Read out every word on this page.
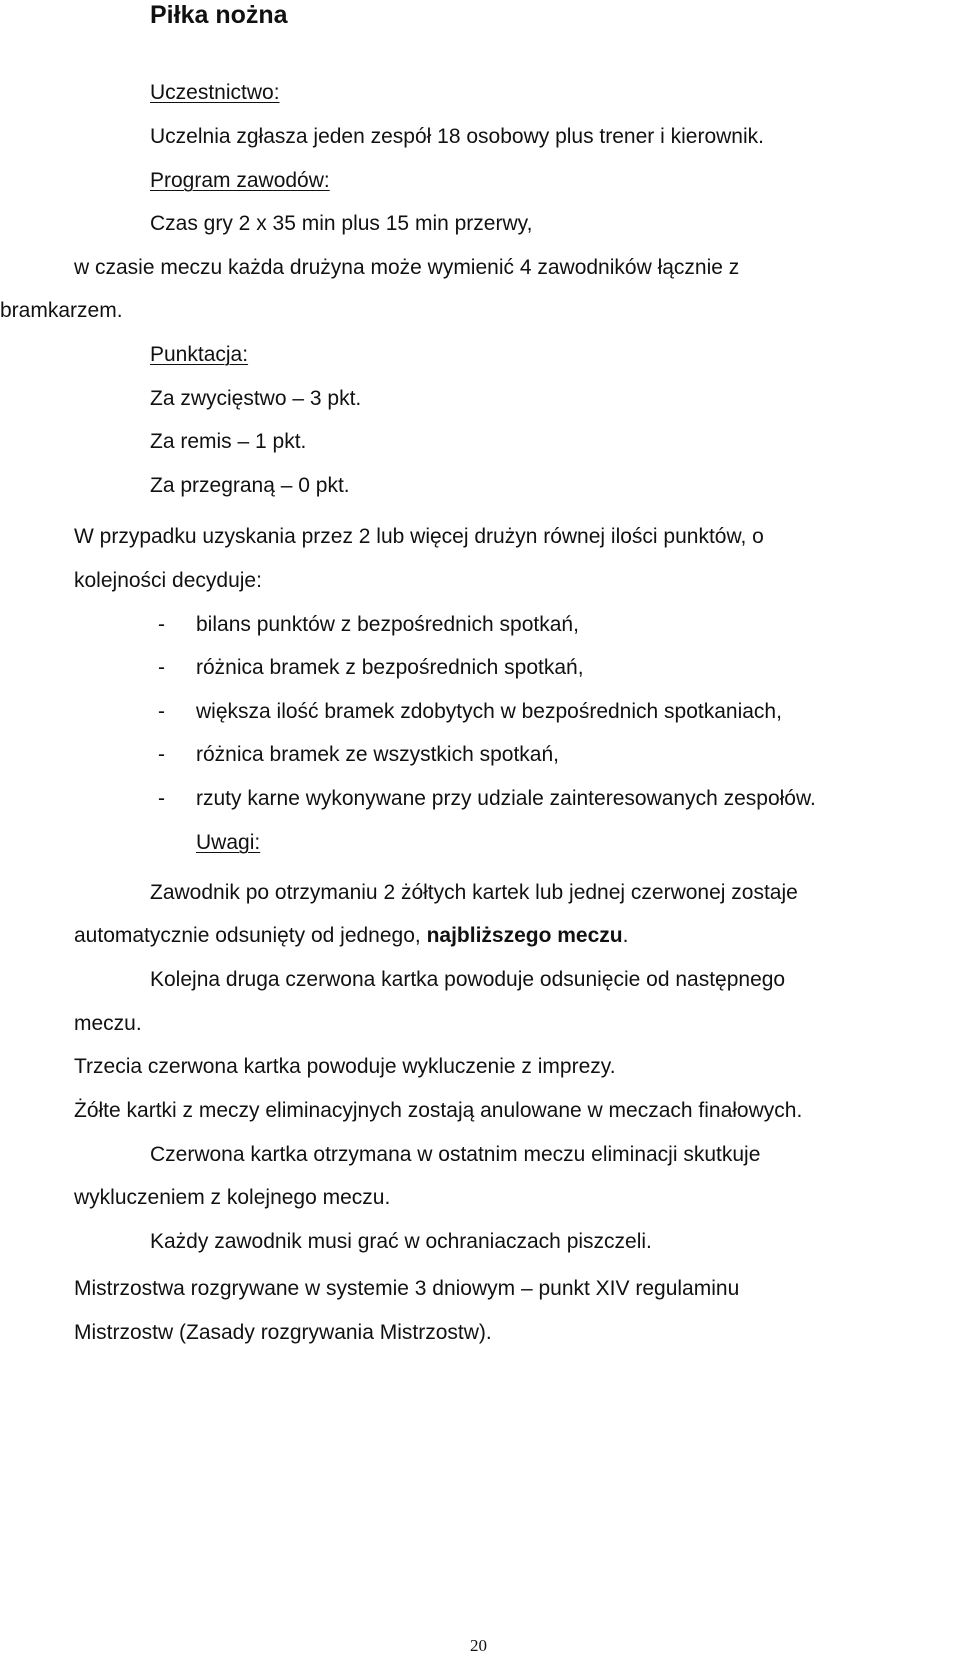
Piłka nożna
Uczestnictwo:
Uczelnia zgłasza jeden zespół 18 osobowy plus trener i kierownik.
Program zawodów:
Czas gry 2 x 35 min plus 15 min przerwy,
w czasie meczu każda drużyna może wymienić 4 zawodników łącznie z
bramkarzem.
Punktacja:
Za zwycięstwo – 3 pkt.
Za remis – 1 pkt.
Za przegraną – 0 pkt.
W przypadku uzyskania przez 2 lub więcej drużyn równej ilości punktów, o
kolejności decyduje:
- bilans punktów z bezpośrednich spotkań,
- różnica bramek z bezpośrednich spotkań,
- większa ilość bramek zdobytych w bezpośrednich spotkaniach,
- różnica bramek ze wszystkich spotkań,
- rzuty karne wykonywane przy udziale zainteresowanych zespołów.
Uwagi:
Zawodnik po otrzymaniu 2 żółtych kartek lub jednej czerwonej zostaje
automatycznie odsunięty od jednego, najbliższego meczu.
Kolejna druga czerwona kartka powoduje odsunięcie od następnego
meczu.
Trzecia czerwona kartka powoduje wykluczenie z imprezy.
Żółte kartki z meczy eliminacyjnych zostają anulowane w meczach finałowych.
Czerwona kartka otrzymana w ostatnim meczu eliminacji skutkuje
wykluczeniem z kolejnego meczu.
Każdy zawodnik musi grać w ochraniaczach piszczeli.
Mistrzostwa rozgrywane w systemie 3 dniowym – punkt XIV regulaminu
Mistrzostw (Zasady rozgrywania Mistrzostw).
20
